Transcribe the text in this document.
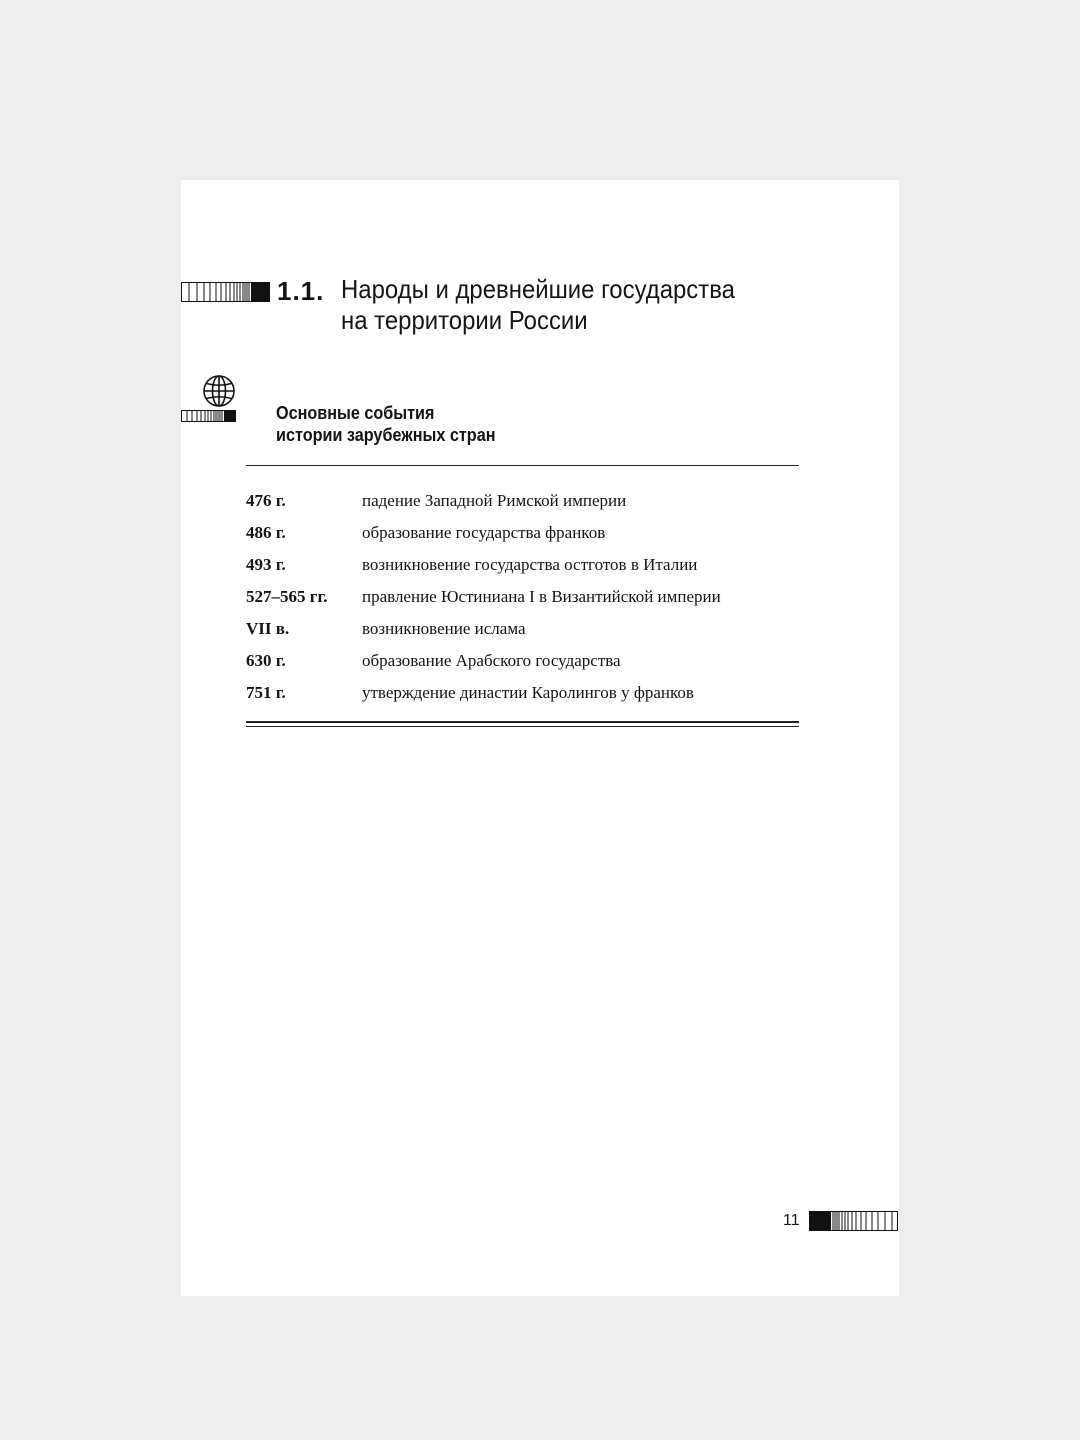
1.1. Народы и древнейшие государства
на территории России
Основные события
истории зарубежных стран
476 г.	падение Западной Римской империи
486 г.	образование государства франков
493 г.	возникновение государства остготов в Италии
527–565 гг.	правление Юстиниана I в Византийской империи
VII в.	возникновение ислама
630 г.	образование Арабского государства
751 г.	утверждение династии Каролингов у франков
11
